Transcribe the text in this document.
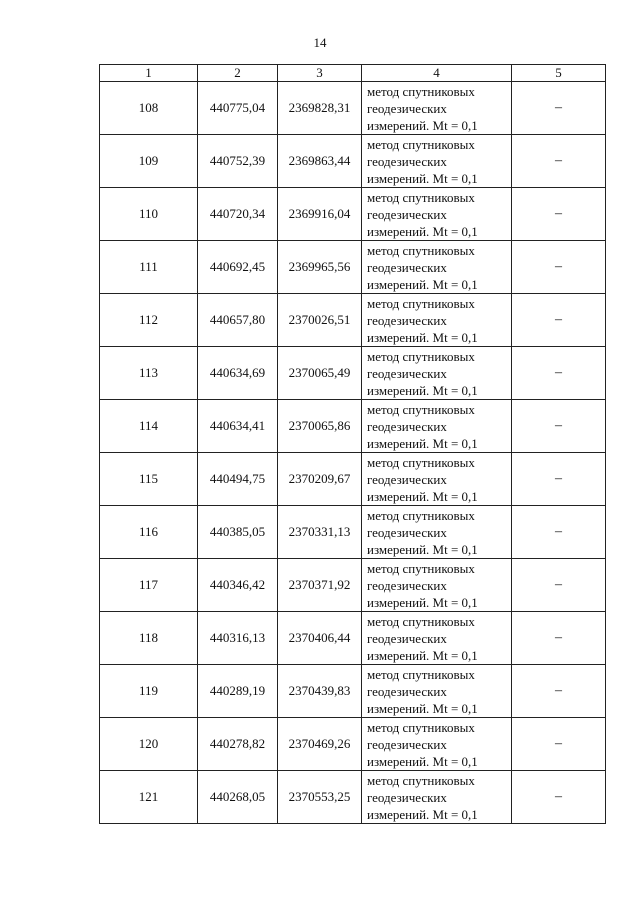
14
1	2	3	4	5
108	440775,04	2369828,31	метод спутниковых
геодезических
измерений. Mt = 0,1	–
109	440752,39	2369863,44	метод спутниковых
геодезических
измерений. Mt = 0,1	–
110	440720,34	2369916,04	метод спутниковых
геодезических
измерений. Mt = 0,1	–
111	440692,45	2369965,56	метод спутниковых
геодезических
измерений. Mt = 0,1	–
112	440657,80	2370026,51	метод спутниковых
геодезических
измерений. Mt = 0,1	–
113	440634,69	2370065,49	метод спутниковых
геодезических
измерений. Mt = 0,1	–
114	440634,41	2370065,86	метод спутниковых
геодезических
измерений. Mt = 0,1	–
115	440494,75	2370209,67	метод спутниковых
геодезических
измерений. Mt = 0,1	–
116	440385,05	2370331,13	метод спутниковых
геодезических
измерений. Mt = 0,1	–
117	440346,42	2370371,92	метод спутниковых
геодезических
измерений. Mt = 0,1	–
118	440316,13	2370406,44	метод спутниковых
геодезических
измерений. Mt = 0,1	–
119	440289,19	2370439,83	метод спутниковых
геодезических
измерений. Mt = 0,1	–
120	440278,82	2370469,26	метод спутниковых
геодезических
измерений. Mt = 0,1	–
121	440268,05	2370553,25	метод спутниковых
геодезических
измерений. Mt = 0,1	–
